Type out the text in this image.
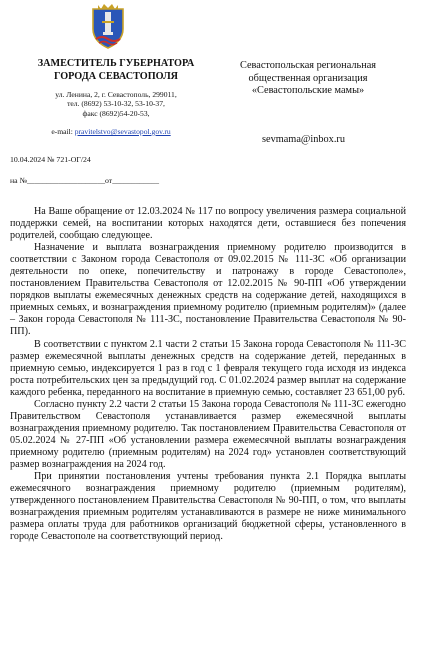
ЗАМЕСТИТЕЛЬ ГУБЕРНАТОРА
ГОРОДА СЕВАСТОПОЛЯ
ул. Ленина, 2, г. Севастополь, 299011,
тел. (8692) 53-10-32, 53-10-37,
факс (8692)54-20-53,
e-mail: pravitelstvo@sevastopol.gov.ru
Севастопольская региональная
общественная организация
«Севастопольские мамы»
sevmama@inbox.ru
10.04.2024 № 721-ОГ/24
на №____________________от____________

На Ваше обращение от 12.03.2024 № 117 по вопросу увеличения размера социальной поддержки семей, на воспитании которых находятся дети, оставшиеся без попечения родителей, сообщаю следующее.

Назначение и выплата вознаграждения приемному родителю производится в соответствии с Законом города Севастополя от 09.02.2015 № 111-ЗС «Об организации деятельности по опеке, попечительству и патронажу в городе Севастополе», постановлением Правительства Севастополя от 12.02.2015 № 90-ПП «Об утверждении порядков выплаты ежемесячных денежных средств на содержание детей, находящихся в приемных семьях, и вознаграждения приемному родителю (приемным родителям)» (далее – Закон города Севастополя № 111-ЗС, постановление Правительства Севастополя № 90-ПП).

В соответствии с пунктом 2.1 части 2 статьи 15 Закона города Севастополя № 111-ЗС размер ежемесячной выплаты денежных средств на содержание детей, переданных в приемную семью, индексируется 1 раз в год с 1 февраля текущего года исходя из индекса роста потребительских цен за предыдущий год. С 01.02.2024 размер выплат на содержание каждого ребенка, переданного на воспитание в приемную семью, составляет 23 651,00 руб.

Согласно пункту 2.2 части 2 статьи 15 Закона города Севастополя № 111-ЗС ежегодно Правительством Севастополя устанавливается размер ежемесячной выплаты вознаграждения приемному родителю. Так постановлением Правительства Севастополя от 05.02.2024 № 27-ПП «Об установлении размера ежемесячной выплаты вознаграждения приемному родителю (приемным родителям) на 2024 год» установлен соответствующий размер вознаграждения на 2024 год.

При принятии постановления учтены требования пункта 2.1 Порядка выплаты ежемесячного вознаграждения приемному родителю (приемным родителям), утвержденного постановлением Правительства Севастополя № 90-ПП, о том, что выплаты вознаграждения приемным родителям устанавливаются в размере не ниже минимального размера оплаты труда для работников организаций бюджетной сферы, установленного в городе Севастополе на соответствующий период.
